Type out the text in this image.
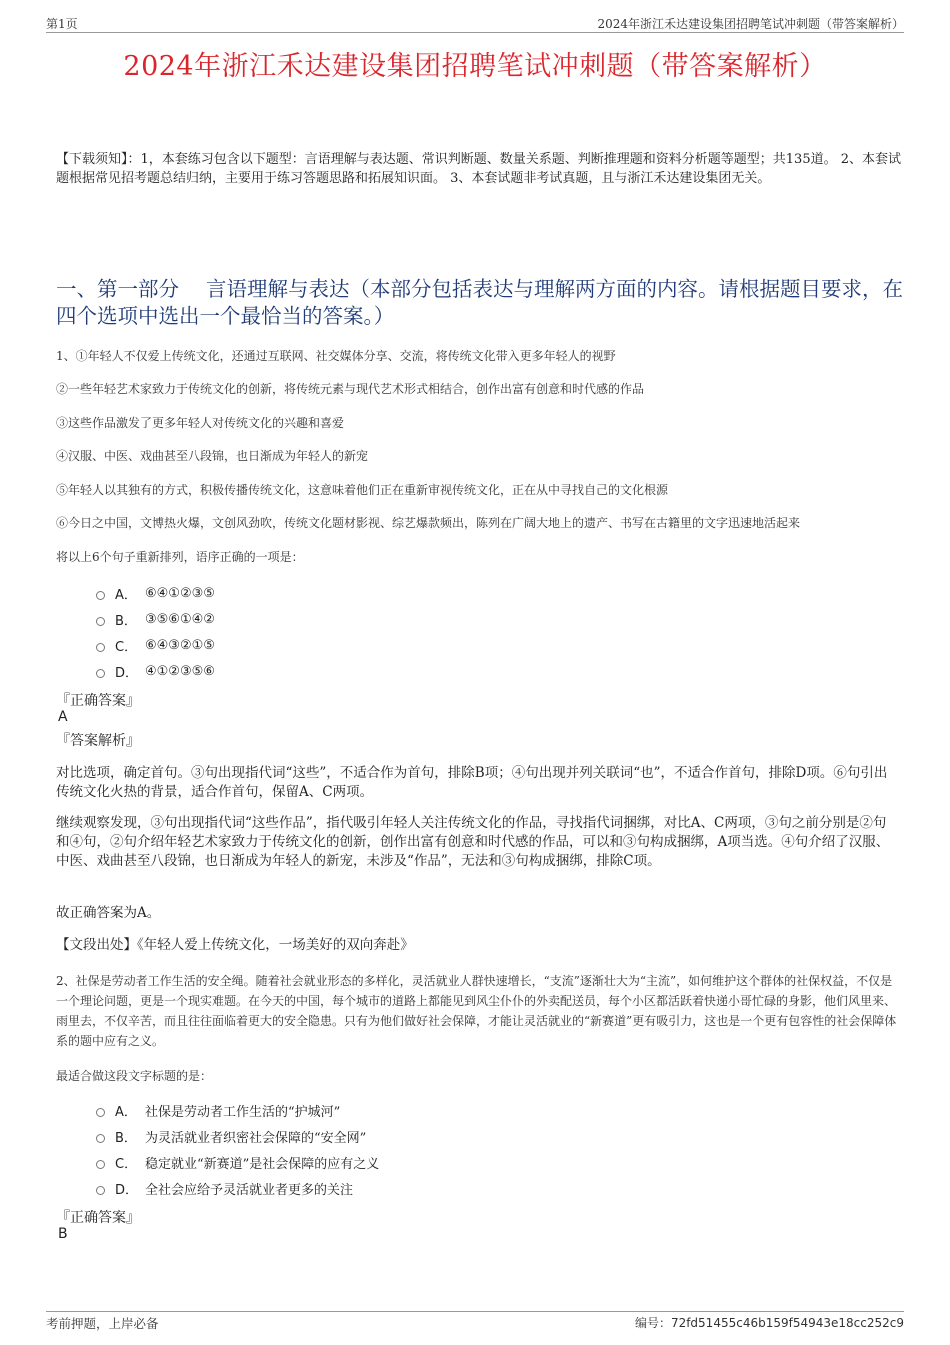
第1页	2024年浙江禾达建设集团招聘笔试冲刺题（带答案解析）
2024年浙江禾达建设集团招聘笔试冲刺题（带答案解析）
【下载须知】：1，本套练习包含以下题型：言语理解与表达题、常识判断题、数量关系题、判断推理题和资料分析题等题型；共135道。 2、本套试题根据常见招考题总结归纳，主要用于练习答题思路和拓展知识面。 3、本套试题非考试真题，且与浙江禾达建设集团无关。
一、第一部分　 言语理解与表达（本部分包括表达与理解两方面的内容。请根据题目要求，在四个选项中选出一个最恰当的答案。）
1、①年轻人不仅爱上传统文化，还通过互联网、社交媒体分享、交流，将传统文化带入更多年轻人的视野
②一些年轻艺术家致力于传统文化的创新，将传统元素与现代艺术形式相结合，创作出富有创意和时代感的作品
③这些作品激发了更多年轻人对传统文化的兴趣和喜爱
④汉服、中医、戏曲甚至八段锦，也日渐成为年轻人的新宠
⑤年轻人以其独有的方式，积极传播传统文化，这意味着他们正在重新审视传统文化，正在从中寻找自己的文化根源
⑥今日之中国，文博热火爆，文创风劲吹，传统文化题材影视、综艺爆款频出，陈列在广阔大地上的遗产、书写在古籍里的文字迅速地活起来
将以上6个句子重新排列，语序正确的一项是：
A． ⑥④①②③⑤
B． ③⑤⑥①④②
C． ⑥④③②①⑤
D． ④①②③⑤⑥
『正确答案』
A
『答案解析』
对比选项，确定首句。③句出现指代词“这些”，不适合作为首句，排除B项；④句出现并列关联词“也”，不适合作首句，排除D项。⑥句引出传统文化火热的背景，适合作首句，保留A、C两项。
继续观察发现，③句出现指代词“这些作品”，指代吸引年轻人关注传统文化的作品，寻找指代词捆绑，对比A、C两项，③句之前分别是②句和④句，②句介绍年轻艺术家致力于传统文化的创新，创作出富有创意和时代感的作品，可以和③句构成捆绑，A项当选。④句介绍了汉服、中医、戏曲甚至八段锦，也日渐成为年轻人的新宠，未涉及“作品”，无法和③句构成捆绑，排除C项。
故正确答案为A。
【文段出处】《年轻人爱上传统文化，一场美好的双向奔赴》
2、社保是劳动者工作生活的安全绳。随着社会就业形态的多样化，灵活就业人群快速增长，“支流”逐渐壮大为“主流”，如何维护这个群体的社保权益，不仅是一个理论问题，更是一个现实难题。在今天的中国，每个城市的道路上都能见到风尘仆仆的外卖配送员，每个小区都活跃着快递小哥忙碌的身影，他们风里来、雨里去，不仅辛苦，而且往往面临着更大的安全隐患。只有为他们做好社会保障，才能让灵活就业的“新赛道”更有吸引力，这也是一个更有包容性的社会保障体系的题中应有之义。
最适合做这段文字标题的是：
A． 社保是劳动者工作生活的“护城河”
B． 为灵活就业者织密社会保障的“安全网”
C． 稳定就业“新赛道”是社会保障的应有之义
D． 全社会应给予灵活就业者更多的关注
『正确答案』
B
考前押题，上岸必备	编号：72fd51455c46b159f54943e18cc252c9
